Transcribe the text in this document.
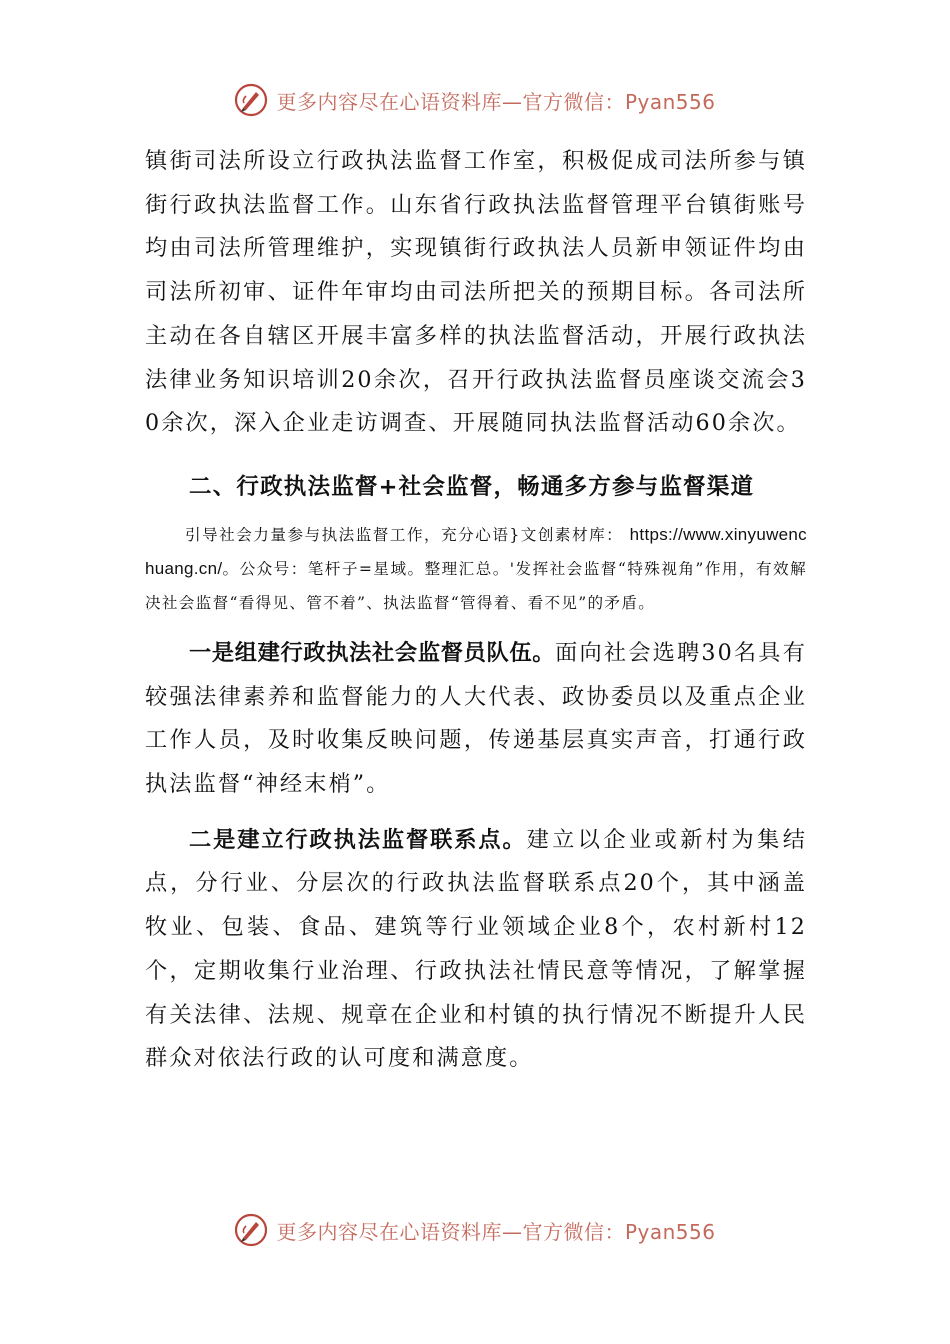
更多内容尽在心语资料库—官方微信：Pyan556

镇街司法所设立行政执法监督工作室，积极促成司法所参与镇街行政执法监督工作。山东省行政执法监督管理平台镇街账号均由司法所管理维护，实现镇街行政执法人员新申领证件均由司法所初审、证件年审均由司法所把关的预期目标。各司法所主动在各自辖区开展丰富多样的执法监督活动，开展行政执法法律业务知识培训20余次，召开行政执法监督员座谈交流会30余次，深入企业走访调查、开展随同执法监督活动60余次。

二、行政执法监督+社会监督，畅通多方参与监督渠道

引导社会力量参与执法监督工作，充分心语}文创素材库： https://www.xinyuwenchuang.cn/。公众号：笔杆子=星域。整理汇总。'发挥社会监督“特殊视角”作用，有效解决社会监督“看得见、管不着”、执法监督“管得着、看不见”的矛盾。

一是组建行政执法社会监督员队伍。面向社会选聘30名具有较强法律素养和监督能力的人大代表、政协委员以及重点企业工作人员，及时收集反映问题，传递基层真实声音，打通行政执法监督“神经末梢”。

二是建立行政执法监督联系点。建立以企业或新村为集结点，分行业、分层次的行政执法监督联系点20个，其中涵盖牧业、包装、食品、建筑等行业领域企业8个，农村新村12个，定期收集行业治理、行政执法社情民意等情况，了解掌握有关法律、法规、规章在企业和村镇的执行情况不断提升人民群众对依法行政的认可度和满意度。

更多内容尽在心语资料库—官方微信：Pyan556
